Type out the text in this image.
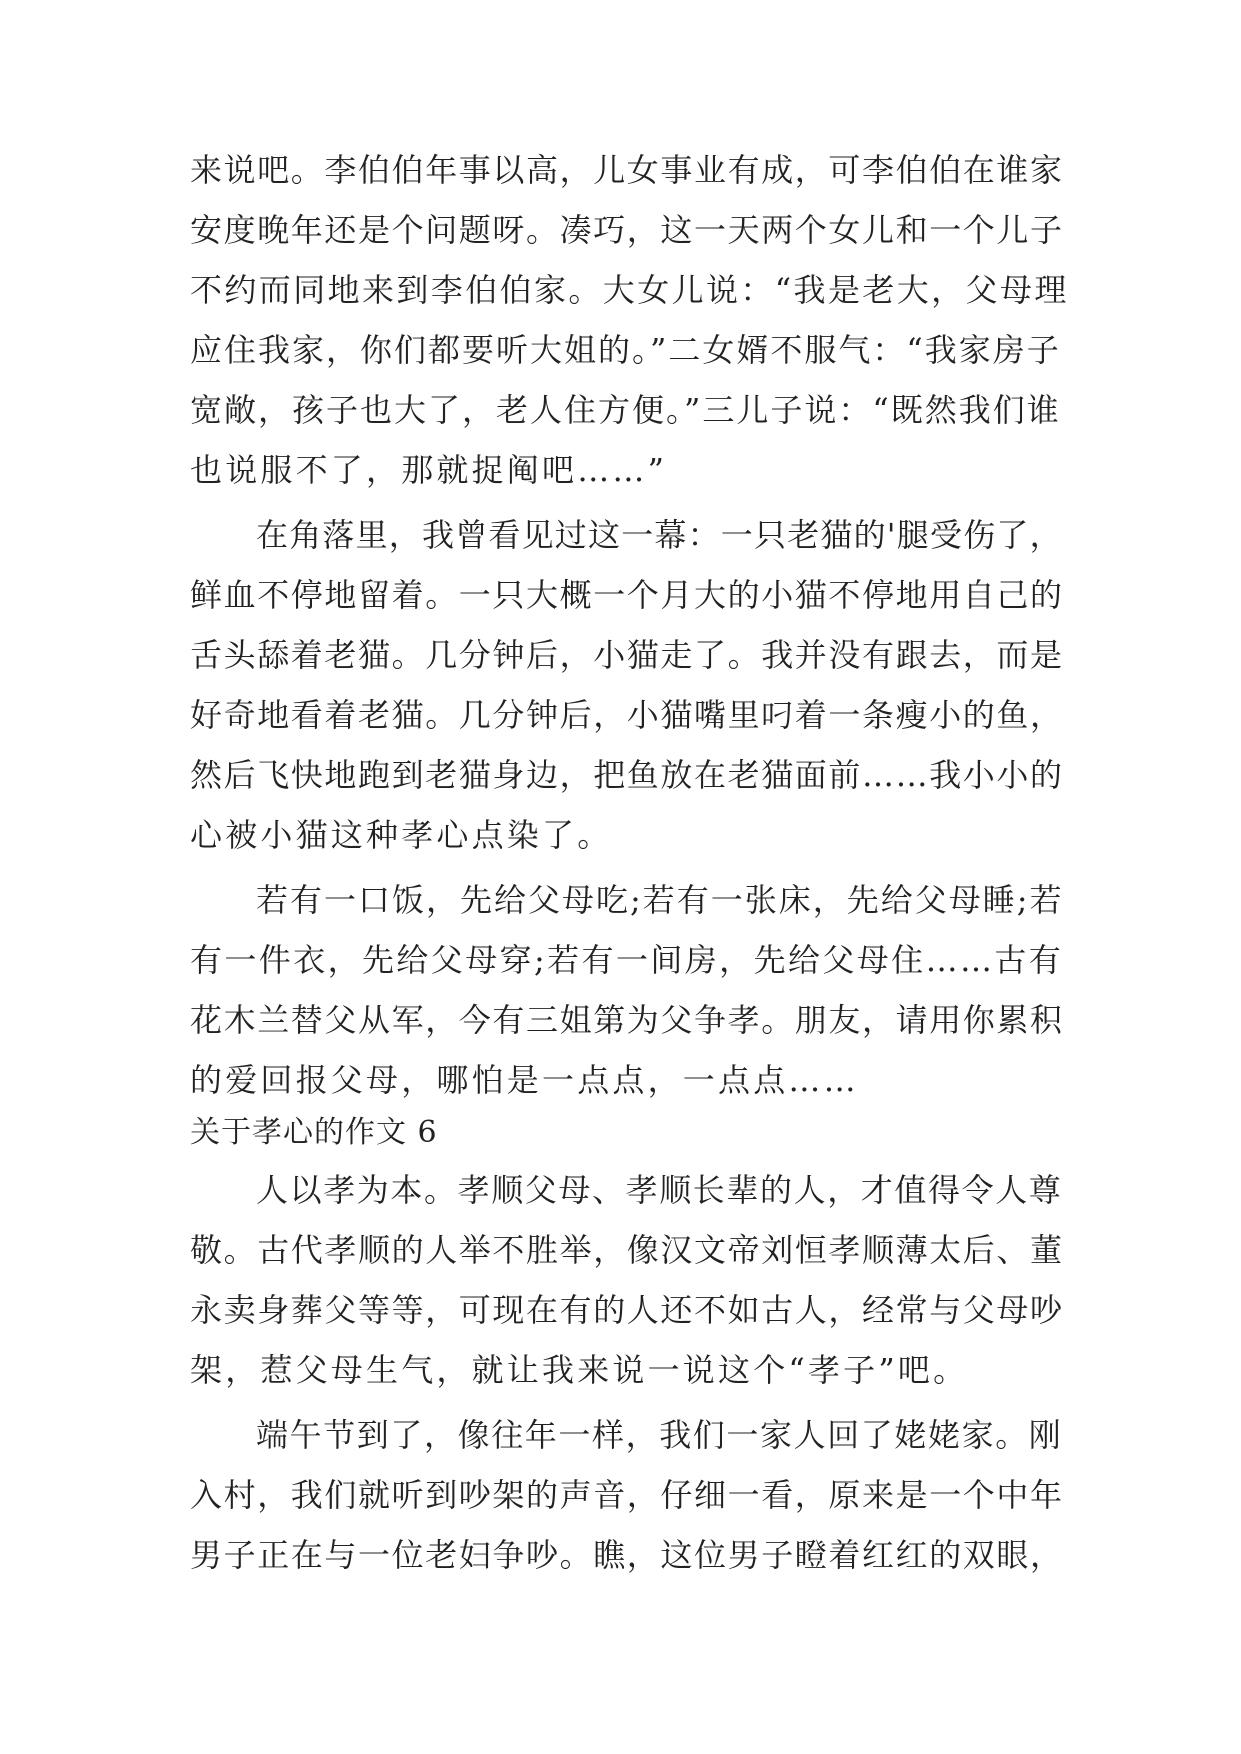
来说吧。李伯伯年事以高，儿女事业有成，可李伯伯在谁家
安度晚年还是个问题呀。凑巧，这一天两个女儿和一个儿子
不约而同地来到李伯伯家。大女儿说：“我是老大，父母理
应住我家，你们都要听大姐的。”二女婿不服气：“我家房子
宽敞，孩子也大了，老人住方便。”三儿子说：“既然我们谁
也说服不了，那就捉阄吧……”
在角落里，我曾看见过这一幕：一只老猫的'腿受伤了，
鲜血不停地留着。一只大概一个月大的小猫不停地用自己的
舌头舔着老猫。几分钟后，小猫走了。我并没有跟去，而是
好奇地看着老猫。几分钟后，小猫嘴里叼着一条瘦小的鱼，
然后飞快地跑到老猫身边，把鱼放在老猫面前……我小小的
心被小猫这种孝心点染了。
若有一口饭，先给父母吃;若有一张床，先给父母睡;若
有一件衣，先给父母穿;若有一间房，先给父母住……古有
花木兰替父从军，今有三姐第为父争孝。朋友，请用你累积
的爱回报父母，哪怕是一点点，一点点……
关于孝心的作文 6
人以孝为本。孝顺父母、孝顺长辈的人，才值得令人尊
敬。古代孝顺的人举不胜举，像汉文帝刘恒孝顺薄太后、董
永卖身葬父等等，可现在有的人还不如古人，经常与父母吵
架，惹父母生气，就让我来说一说这个“孝子”吧。
端午节到了，像往年一样，我们一家人回了姥姥家。刚
入村，我们就听到吵架的声音，仔细一看，原来是一个中年
男子正在与一位老妇争吵。瞧，这位男子瞪着红红的双眼，
